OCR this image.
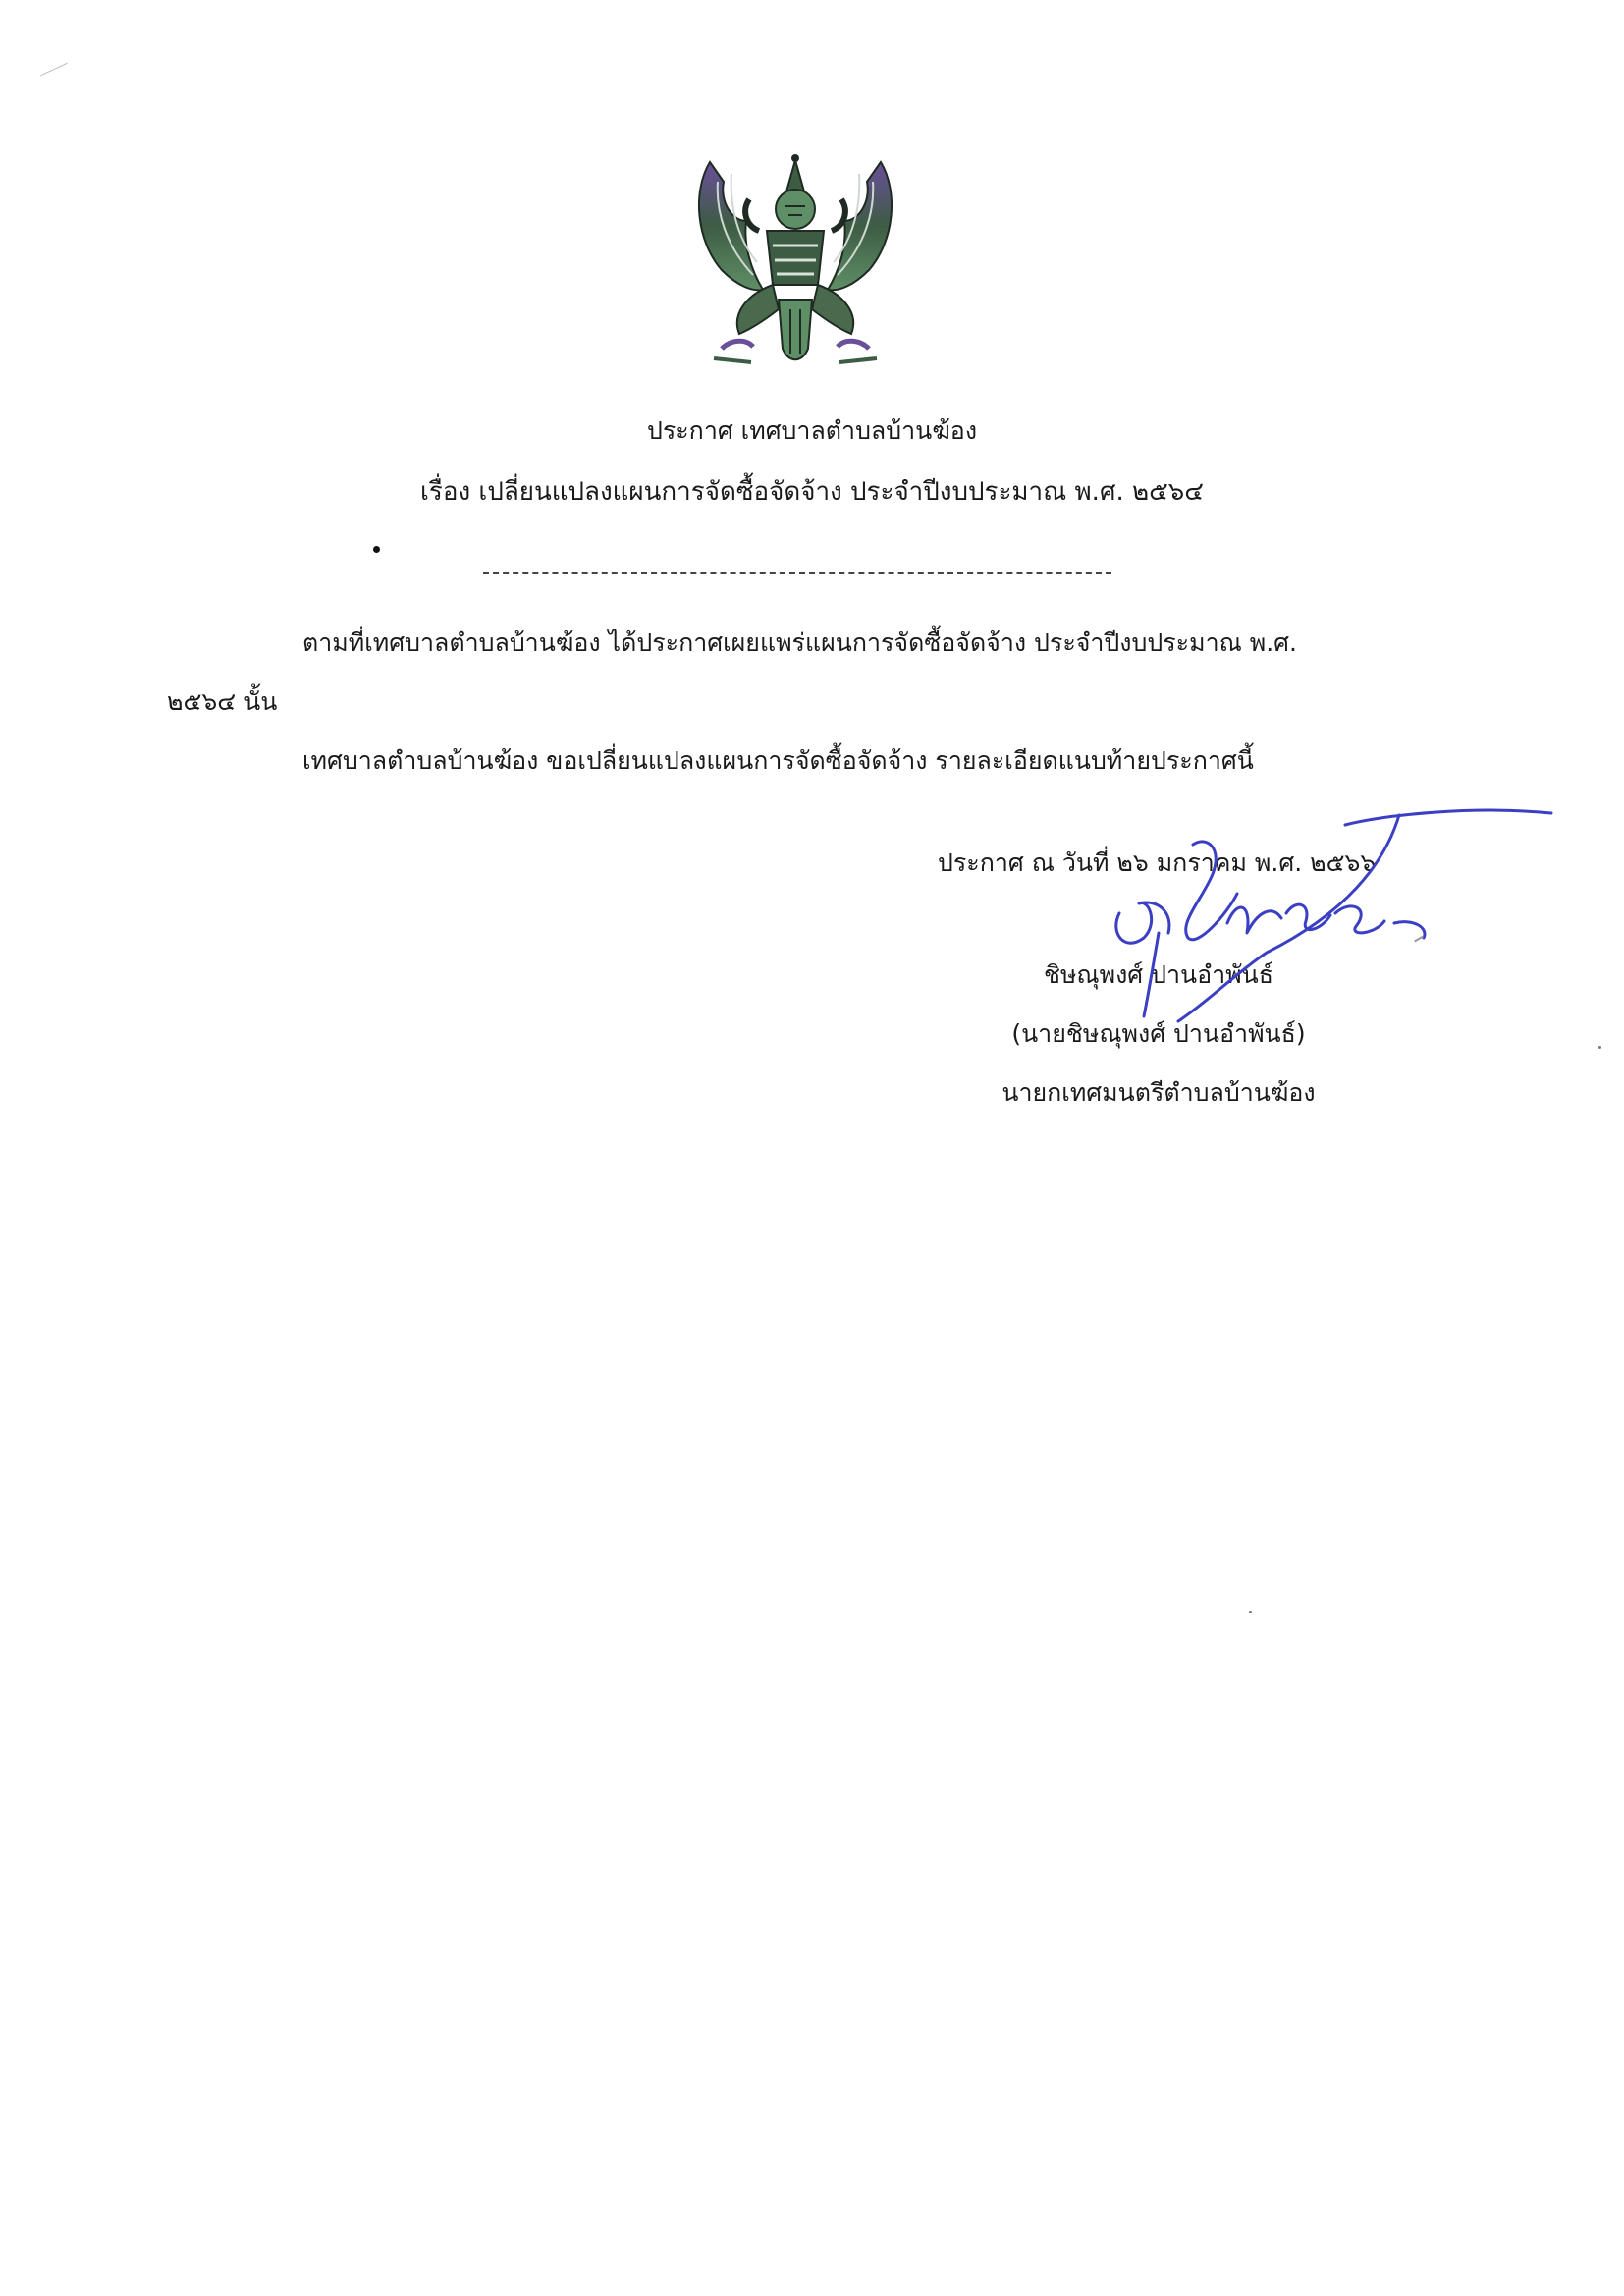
ประกาศ เทศบาลตำบลบ้านฆ้อง

เรื่อง เปลี่ยนแปลงแผนการจัดซื้อจัดจ้าง ประจำปีงบประมาณ พ.ศ. ๒๕๖๔

ตามที่เทศบาลตำบลบ้านฆ้อง ได้ประกาศเผยแพร่แผนการจัดซื้อจัดจ้าง ประจำปีงบประมาณ พ.ศ.

๒๕๖๔ นั้น

เทศบาลตำบลบ้านฆ้อง ขอเปลี่ยนแปลงแผนการจัดซื้อจัดจ้าง รายละเอียดแนบท้ายประกาศนี้

ประกาศ ณ วันที่ ๒๖ มกราคม พ.ศ. ๒๕๖๖

ชิษณุพงศ์ ปานอำพันธ์

(นายชิษณุพงศ์ ปานอำพันธ์)

นายกเทศมนตรีตำบลบ้านฆ้อง
